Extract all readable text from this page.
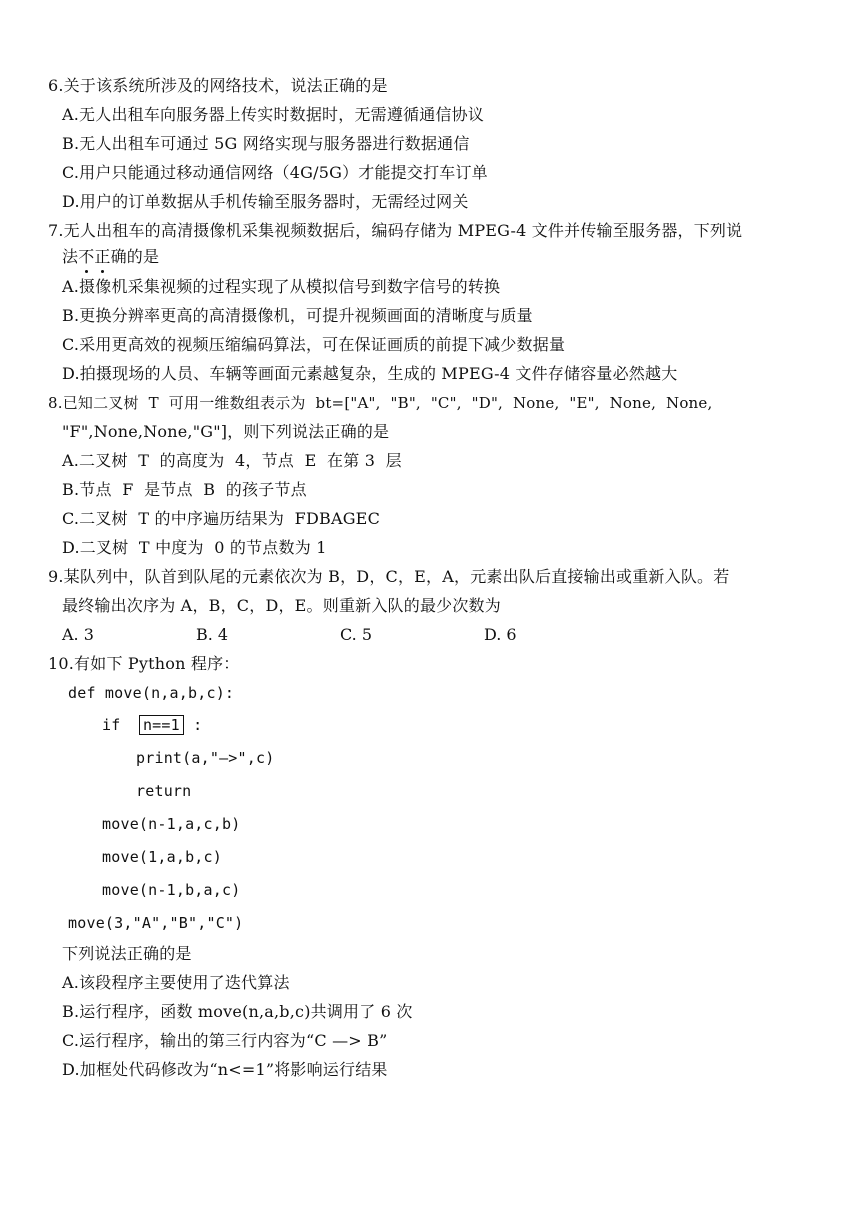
6.关于该系统所涉及的网络技术，说法正确的是
A.无人出租车向服务器上传实时数据时，无需遵循通信协议
B.无人出租车可通过 5G 网络实现与服务器进行数据通信
C.用户只能通过移动通信网络（4G/5G）才能提交打车订单
D.用户的订单数据从手机传输至服务器时，无需经过网关
7.无人出租车的高清摄像机采集视频数据后，编码存储为 MPEG-4 文件并传输至服务器，下列说
法不正确的是
A.摄像机采集视频的过程实现了从模拟信号到数字信号的转换
B.更换分辨率更高的高清摄像机，可提升视频画面的清晰度与质量
C.采用更高效的视频压缩编码算法，可在保证画质的前提下减少数据量
D.拍摄现场的人员、车辆等画面元素越复杂，生成的 MPEG-4 文件存储容量必然越大
8.已知二叉树  T  可用一维数组表示为  bt=["A",  "B",  "C",  "D",  None,  "E",  None,  None,
"F",None,None,"G"]，则下列说法正确的是
A.二叉树  T  的高度为  4，节点  E  在第 3  层
B.节点  F  是节点  B  的孩子节点
C.二叉树  T 的中序遍历结果为  FDBAGEC
D.二叉树  T 中度为  0 的节点数为 1
9.某队列中，队首到队尾的元素依次为 B，D，C，E，A，元素出队后直接输出或重新入队。若
最终输出次序为 A，B，C，D，E。则重新入队的最少次数为
A. 3	B. 4	C. 5	D. 6
10.有如下 Python 程序：
def move(n,a,b,c):
if n==1 :
print(a,"—>",c)
return
move(n-1,a,c,b)
move(1,a,b,c)
move(n-1,b,a,c)
move(3,"A","B","C")
下列说法正确的是
A.该段程序主要使用了迭代算法
B.运行程序，函数 move(n,a,b,c)共调用了 6 次
C.运行程序，输出的第三行内容为“C —> B”
D.加框处代码修改为“n<=1”将影响运行结果
